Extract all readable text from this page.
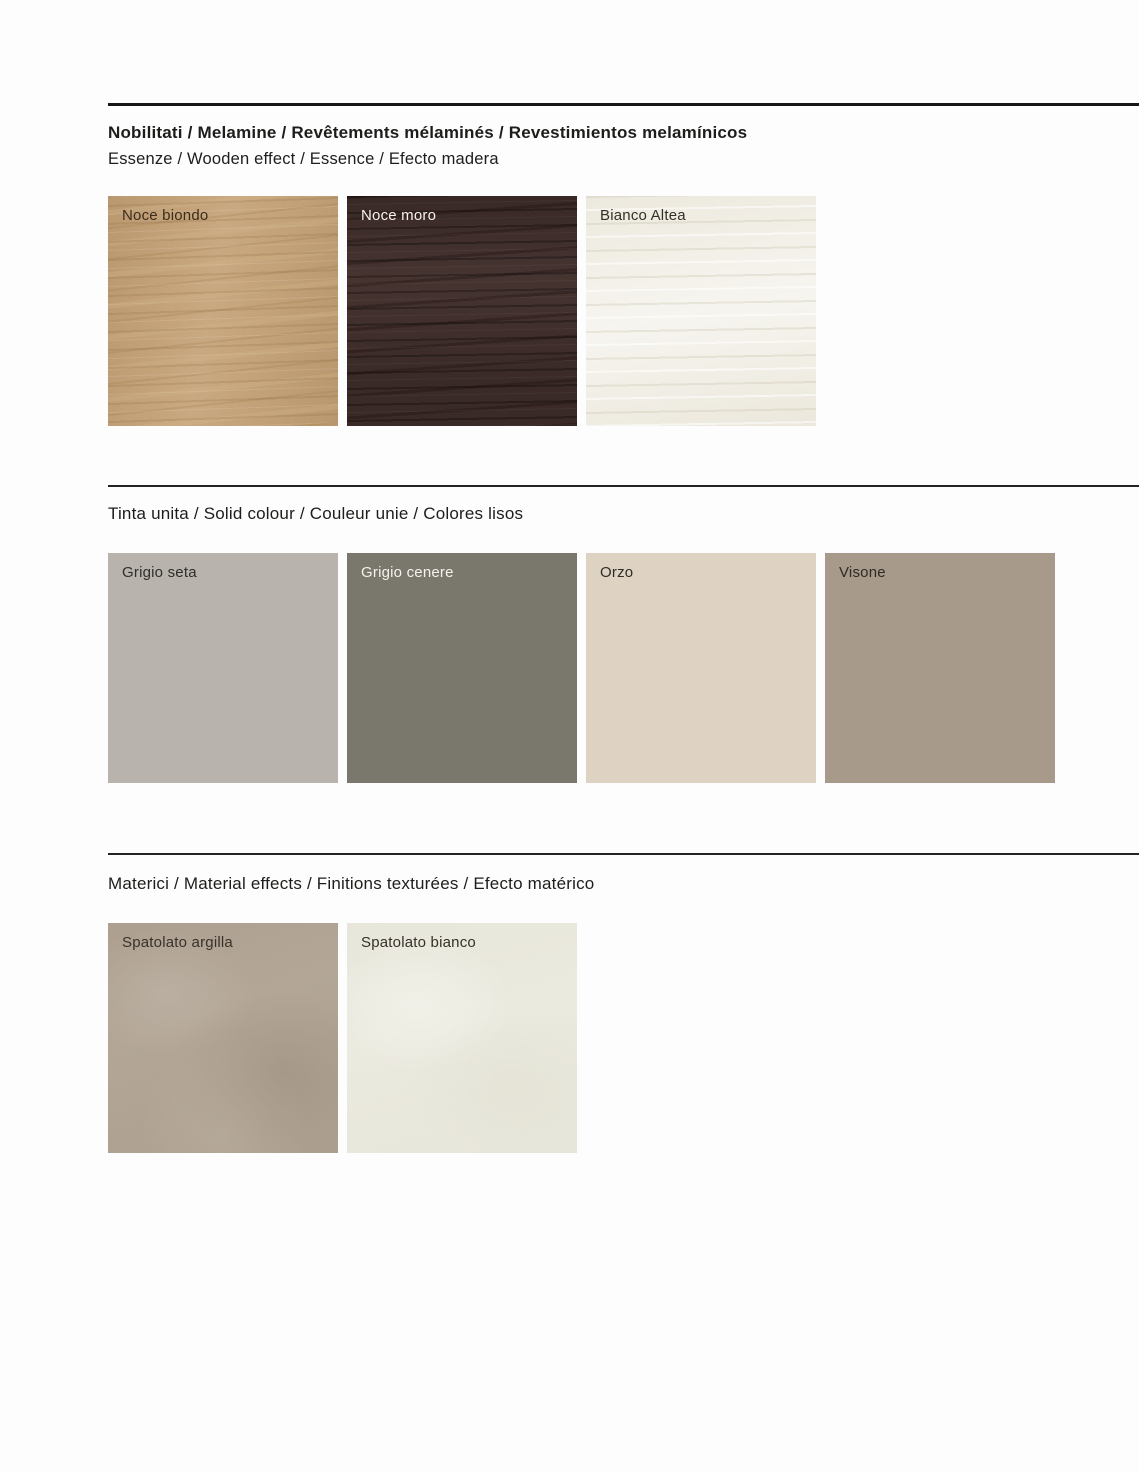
Nobilitati / Melamine / Revêtements mélaminés / Revestimientos melamínicos

Essenze / Wooden effect / Essence / Efecto madera

Noce biondo	Noce moro	Bianco Altea
Tinta unita / Solid colour / Couleur unie / Colores lisos
Grigio seta	Grigio cenere	Orzo	Visone
Materici / Material effects / Finitions texturées / Efecto matérico
Spatolato argilla	Spatolato bianco
